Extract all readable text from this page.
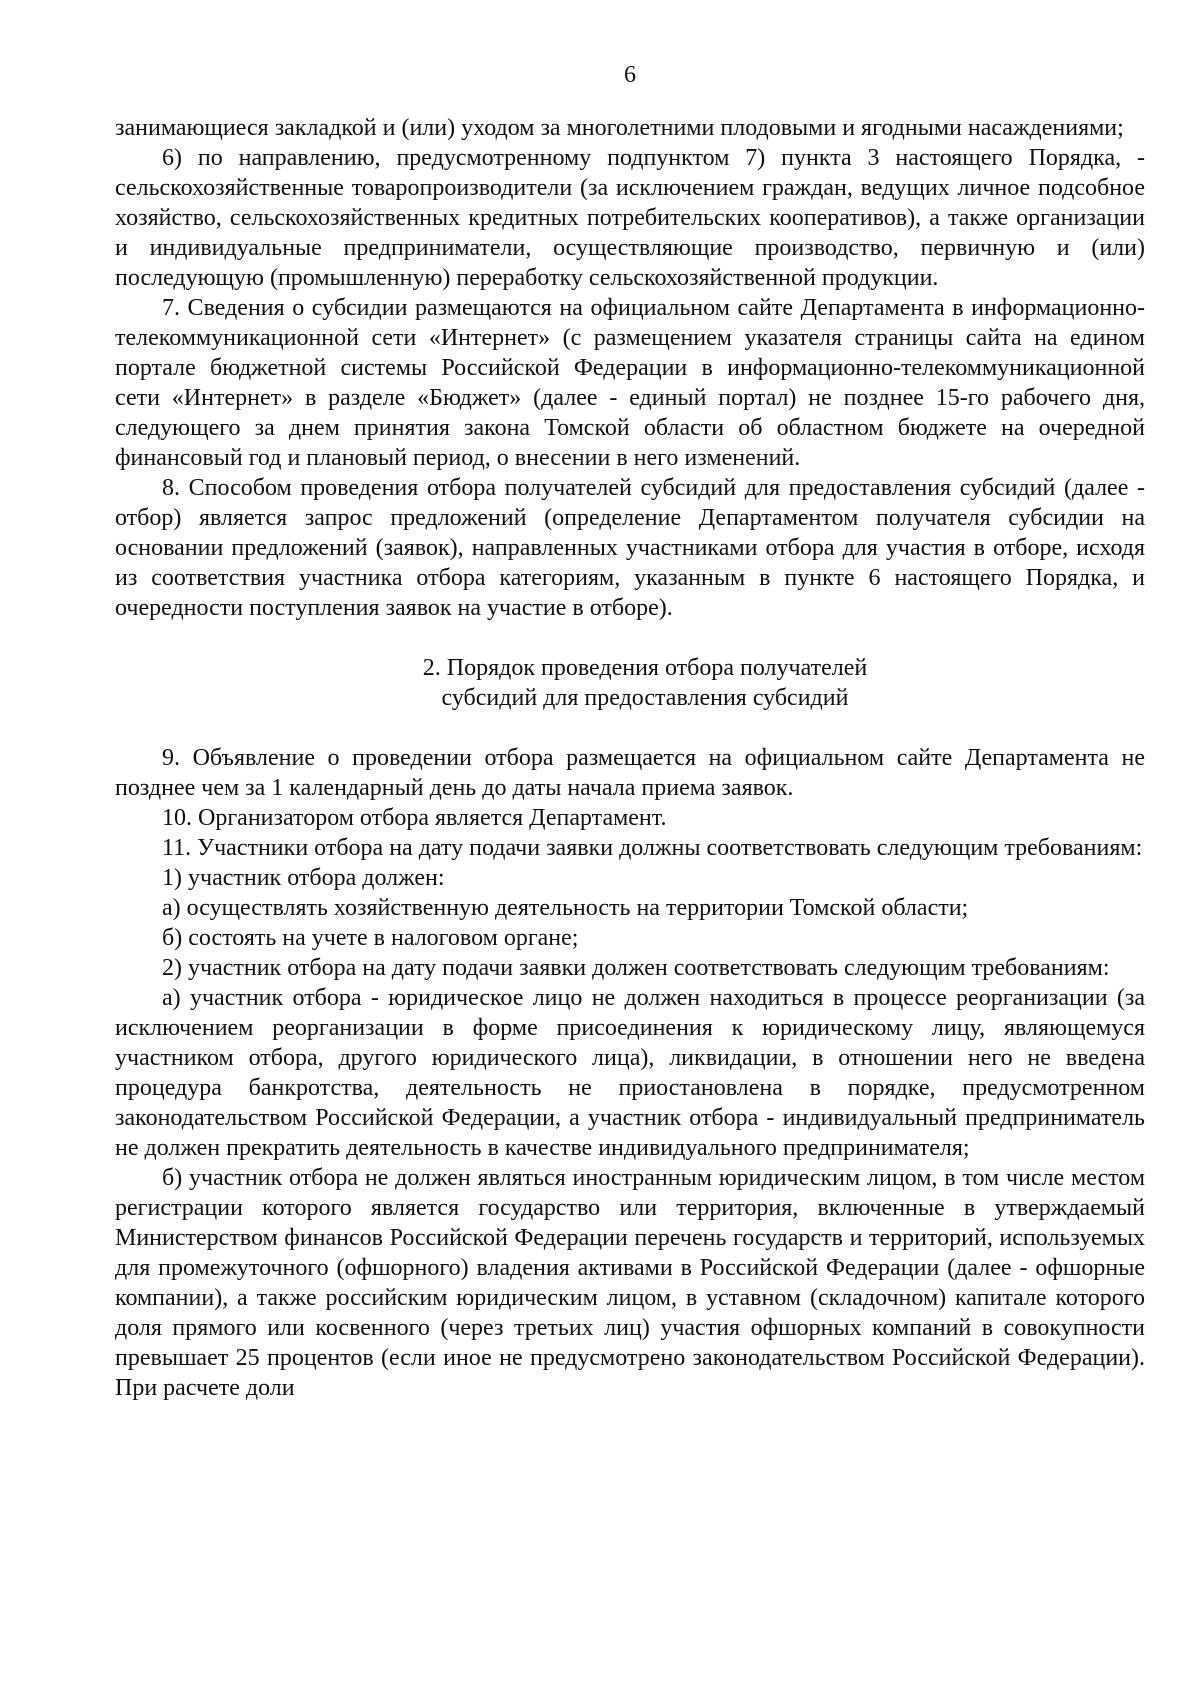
6

занимающиеся закладкой и (или) уходом за многолетними плодовыми и ягодными насаждениями;

6) по направлению, предусмотренному подпунктом 7) пункта 3 настоящего Порядка, - сельскохозяйственные товаропроизводители (за исключением граждан, ведущих личное подсобное хозяйство, сельскохозяйственных кредитных потребительских кооперативов), а также организации и индивидуальные предприниматели, осуществляющие производство, первичную и (или) последующую (промышленную) переработку сельскохозяйственной продукции.

7. Сведения о субсидии размещаются на официальном сайте Департамента в информационно-телекоммуникационной сети «Интернет» (с размещением указателя страницы сайта на едином портале бюджетной системы Российской Федерации в информационно-телекоммуникационной сети «Интернет» в разделе «Бюджет» (далее - единый портал) не позднее 15-го рабочего дня, следующего за днем принятия закона Томской области об областном бюджете на очередной финансовый год и плановый период, о внесении в него изменений.

8. Способом проведения отбора получателей субсидий для предоставления субсидий (далее - отбор) является запрос предложений (определение Департаментом получателя субсидии на основании предложений (заявок), направленных участниками отбора для участия в отборе, исходя из соответствия участника отбора категориям, указанным в пункте 6 настоящего Порядка, и очередности поступления заявок на участие в отборе).

2. Порядок проведения отбора получателей
субсидий для предоставления субсидий

9. Объявление о проведении отбора размещается на официальном сайте Департамента не позднее чем за 1 календарный день до даты начала приема заявок.

10. Организатором отбора является Департамент.

11. Участники отбора на дату подачи заявки должны соответствовать следующим требованиям:

1) участник отбора должен:

а) осуществлять хозяйственную деятельность на территории Томской области;

б) состоять на учете в налоговом органе;

2) участник отбора на дату подачи заявки должен соответствовать следующим требованиям:

а) участник отбора - юридическое лицо не должен находиться в процессе реорганизации (за исключением реорганизации в форме присоединения к юридическому лицу, являющемуся участником отбора, другого юридического лица), ликвидации, в отношении него не введена процедура банкротства, деятельность не приостановлена в порядке, предусмотренном законодательством Российской Федерации, а участник отбора - индивидуальный предприниматель не должен прекратить деятельность в качестве индивидуального предпринимателя;

б) участник отбора не должен являться иностранным юридическим лицом, в том числе местом регистрации которого является государство или территория, включенные в утверждаемый Министерством финансов Российской Федерации перечень государств и территорий, используемых для промежуточного (офшорного) владения активами в Российской Федерации (далее - офшорные компании), а также российским юридическим лицом, в уставном (складочном) капитале которого доля прямого или косвенного (через третьих лиц) участия офшорных компаний в совокупности превышает 25 процентов (если иное не предусмотрено законодательством Российской Федерации). При расчете доли
